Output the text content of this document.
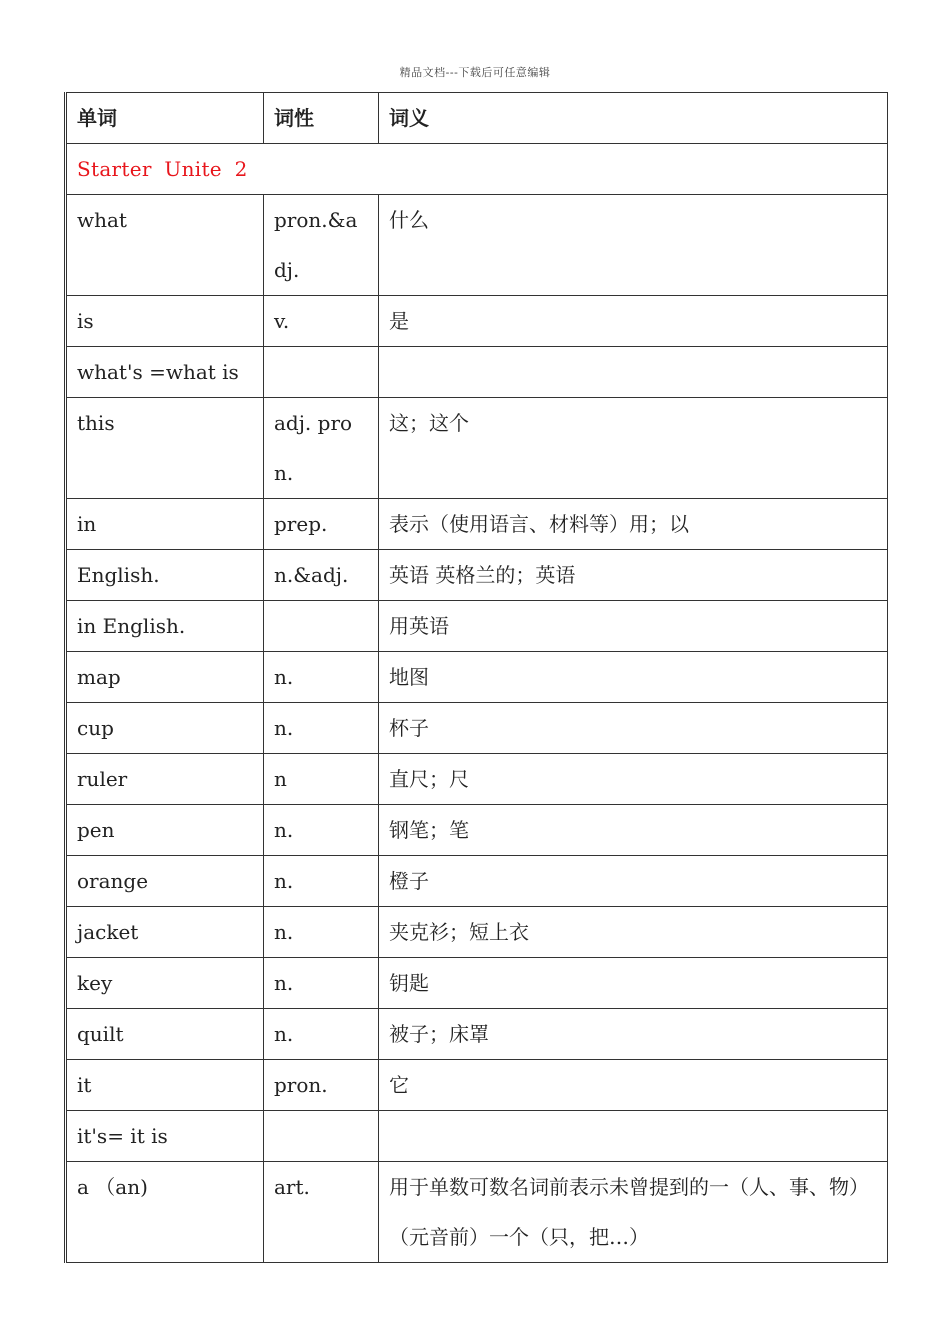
精品文档---下载后可任意编辑
单词	词性	词义
Starter Unite 2		
what	pron.&adj.	什么
is	v.	是
what's =what is		
this	adj. pron.	这；这个
in	prep.	表示（使用语言、材料等）用；以
English.	n.&adj.	英语 英格兰的；英语
in English.		用英语
map	n.	地图
cup	n.	杯子
ruler	n	直尺；尺
pen	n.	钢笔；笔
orange	n.	橙子
jacket	n.	夹克衫；短上衣
key	n.	钥匙
quilt	n.	被子；床罩
it	pron.	它
it's= it is		
a （an)	art.	用于单数可数名词前表示未曾提到的一（人、事、物）（元音前）一个（只，把…）
